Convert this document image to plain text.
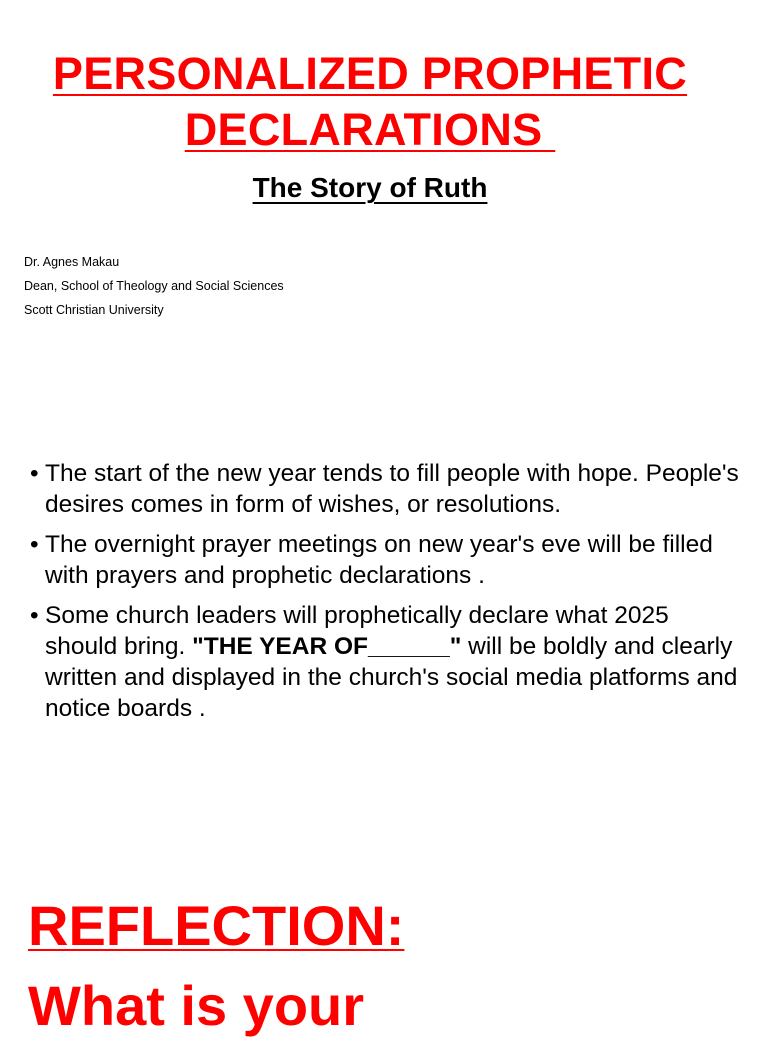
PERSONALIZED PROPHETIC
DECLARATIONS
The Story of Ruth
Dr. Agnes Makau
Dean, School of Theology and Social Sciences
Scott Christian University
• The start of the new year tends to fill people with hope. People's desires comes in form of wishes, or resolutions.
• The overnight prayer meetings on new year's eve will be filled with prayers and prophetic declarations .
• Some church leaders will prophetically declare what 2025 should bring. "THE YEAR OF______" will be boldly and clearly written and displayed in the church's social media platforms and notice boards .
REFLECTION:
What is your
